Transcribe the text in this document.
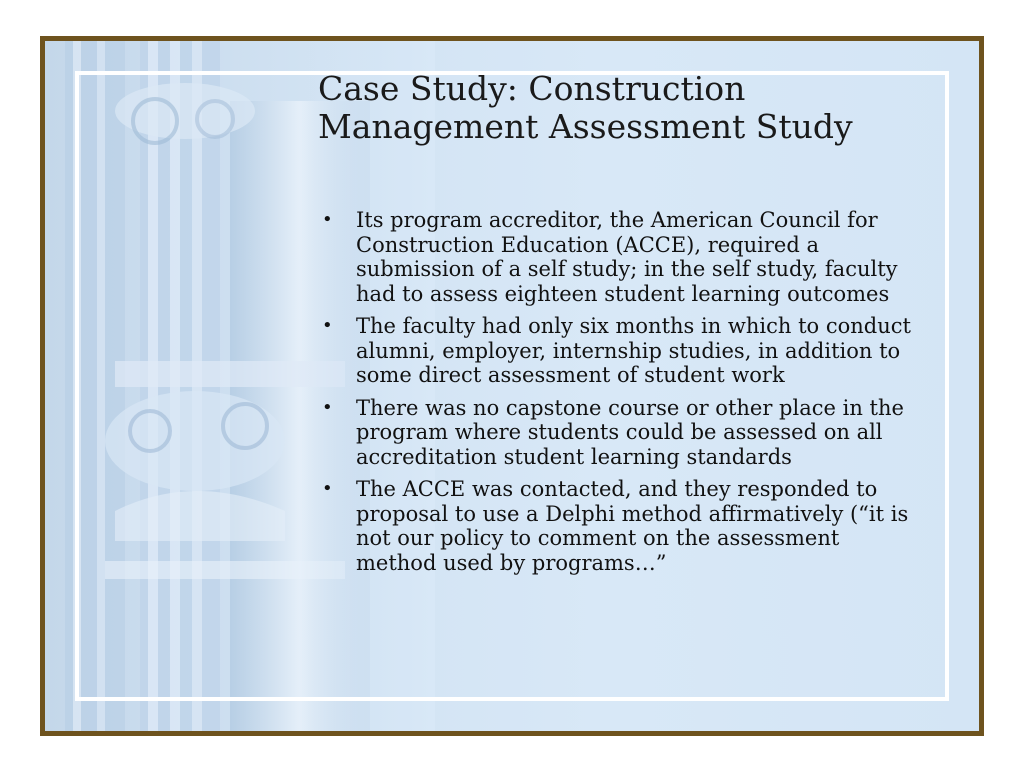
Case Study: Construction
Management Assessment Study
•	Its program accreditor, the American Council for Construction Education (ACCE), required a submission of a self study; in the self study, faculty had to assess eighteen student learning outcomes
•	The faculty had only six months in which to conduct alumni, employer, internship studies, in addition to some direct assessment of student work
•	There was no capstone course or other place in the program where students could be assessed on all accreditation student learning standards
•	The ACCE was contacted, and they responded to proposal to use a Delphi method affirmatively (“it is not our policy to comment on the assessment method used by programs…”
